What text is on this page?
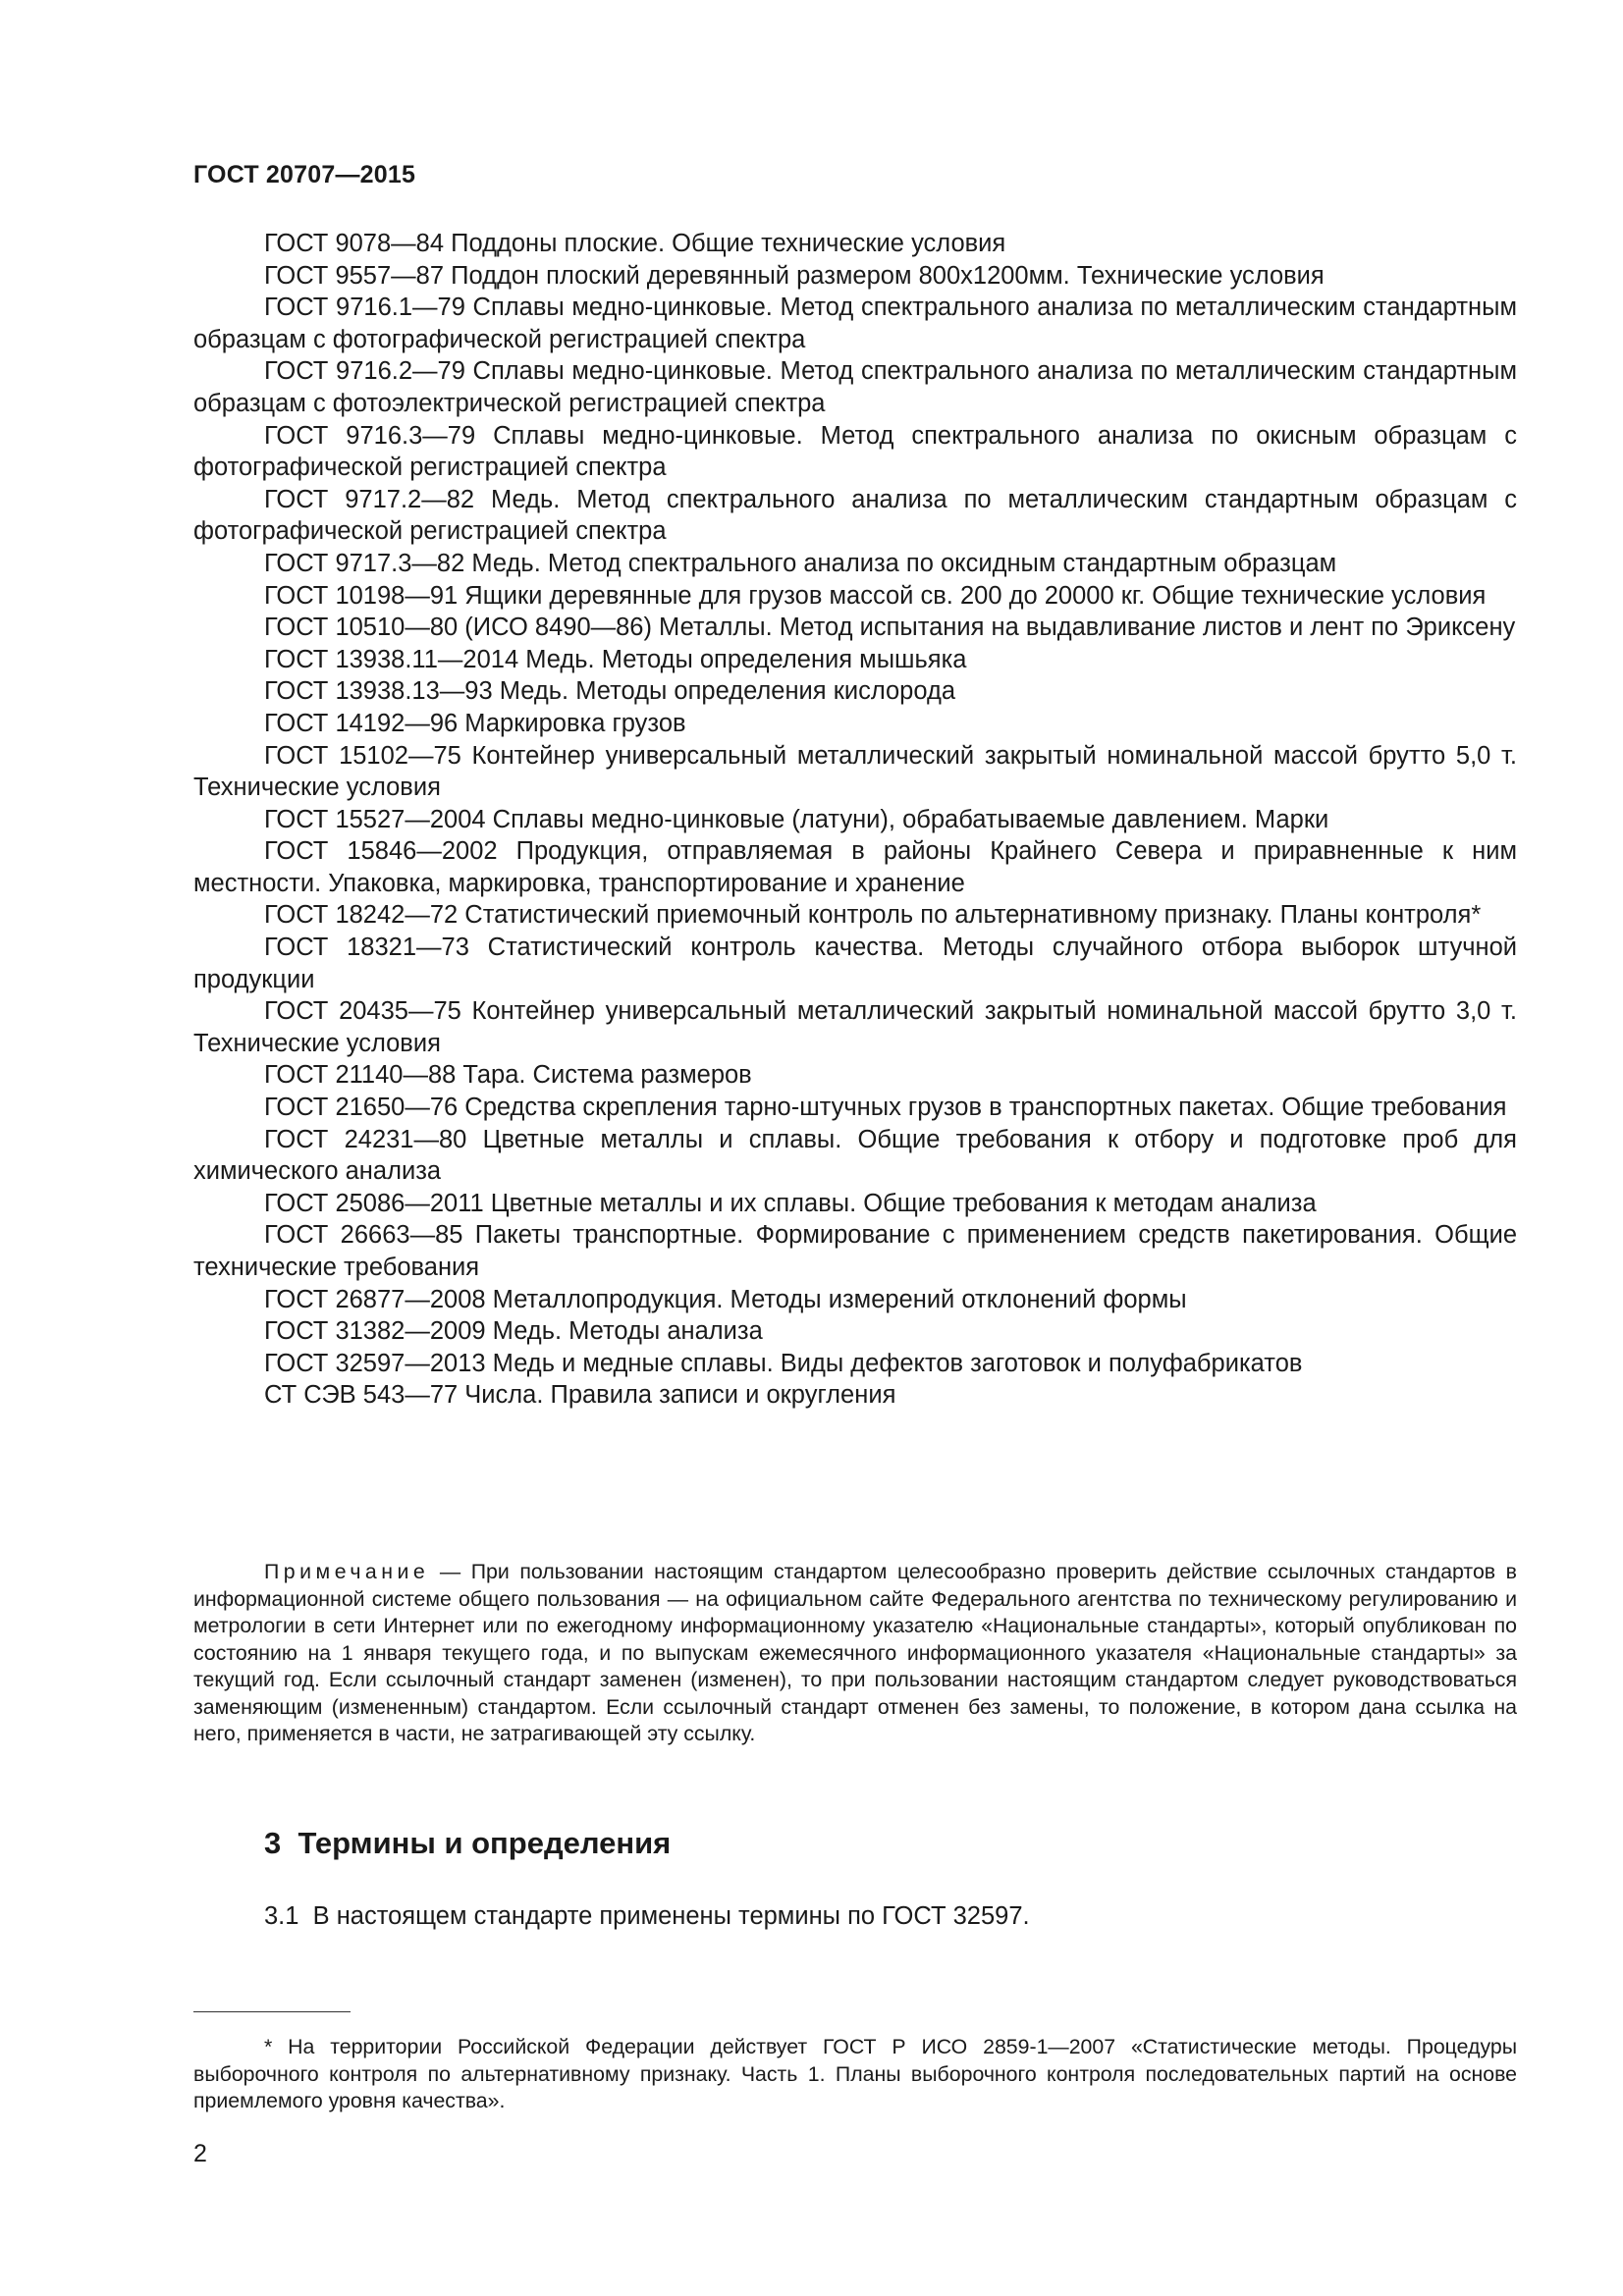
ГОСТ 20707—2015

ГОСТ 9078—84 Поддоны плоские. Общие технические условия

ГОСТ 9557—87 Поддон плоский деревянный размером 800х1200мм. Технические условия

ГОСТ 9716.1—79 Сплавы медно-цинковые. Метод спектрального анализа по металлическим стандартным образцам с фотографической регистрацией спектра

ГОСТ 9716.2—79 Сплавы медно-цинковые. Метод спектрального анализа по металлическим стандартным образцам с фотоэлектрической регистрацией спектра

ГОСТ 9716.3—79 Сплавы медно-цинковые. Метод спектрального анализа по окисным образцам с фотографической регистрацией спектра

ГОСТ 9717.2—82 Медь. Метод спектрального анализа по металлическим стандартным образцам с фотографической регистрацией спектра

ГОСТ 9717.3—82 Медь. Метод спектрального анализа по оксидным стандартным образцам

ГОСТ 10198—91 Ящики деревянные для грузов массой св. 200 до 20000 кг. Общие технические условия

ГОСТ 10510—80 (ИСО 8490—86) Металлы. Метод испытания на выдавливание листов и лент по Эриксену

ГОСТ 13938.11—2014 Медь. Методы определения мышьяка

ГОСТ 13938.13—93 Медь. Методы определения кислорода

ГОСТ 14192—96 Маркировка грузов

ГОСТ 15102—75 Контейнер универсальный металлический закрытый номинальной массой брутто 5,0 т. Технические условия

ГОСТ 15527—2004 Сплавы медно-цинковые (латуни), обрабатываемые давлением. Марки

ГОСТ 15846—2002 Продукция, отправляемая в районы Крайнего Севера и приравненные к ним местности. Упаковка, маркировка, транспортирование и хранение

ГОСТ 18242—72 Статистический приемочный контроль по альтернативному признаку. Планы контроля*

ГОСТ 18321—73 Статистический контроль качества. Методы случайного отбора выборок штучной продукции

ГОСТ 20435—75 Контейнер универсальный металлический закрытый номинальной массой брутто 3,0 т. Технические условия

ГОСТ 21140—88 Тара. Система размеров

ГОСТ 21650—76 Средства скрепления тарно-штучных грузов в транспортных пакетах. Общие требования

ГОСТ 24231—80 Цветные металлы и сплавы. Общие требования к отбору и подготовке проб для химического анализа

ГОСТ 25086—2011 Цветные металлы и их сплавы. Общие требования к методам анализа

ГОСТ 26663—85 Пакеты транспортные. Формирование с применением средств пакетирования. Общие технические требования

ГОСТ 26877—2008 Металлопродукция. Методы измерений отклонений формы

ГОСТ 31382—2009 Медь. Методы анализа

ГОСТ 32597—2013 Медь и медные сплавы. Виды дефектов заготовок и полуфабрикатов

СТ СЭВ 543—77 Числа. Правила записи и округления

Примечание — При пользовании настоящим стандартом целесообразно проверить действие ссылочных стандартов в информационной системе общего пользования — на официальном сайте Федерального агентства по техническому регулированию и метрологии в сети Интернет или по ежегодному информационному указателю «Национальные стандарты», который опубликован по состоянию на 1 января текущего года, и по выпускам ежемесячного информационного указателя «Национальные стандарты» за текущий год. Если ссылочный стандарт заменен (изменен), то при пользовании настоящим стандартом следует руководствоваться заменяющим (измененным) стандартом. Если ссылочный стандарт отменен без замены, то положение, в котором дана ссылка на него, применяется в части, не затрагивающей эту ссылку.

3 Термины и определения
3.1  В настоящем стандарте применены термины по ГОСТ 32597.

* На территории Российской Федерации действует ГОСТ Р ИСО 2859-1—2007 «Статистические методы. Процедуры выборочного контроля по альтернативному признаку. Часть 1. Планы выборочного контроля последовательных партий на основе приемлемого уровня качества».

2
